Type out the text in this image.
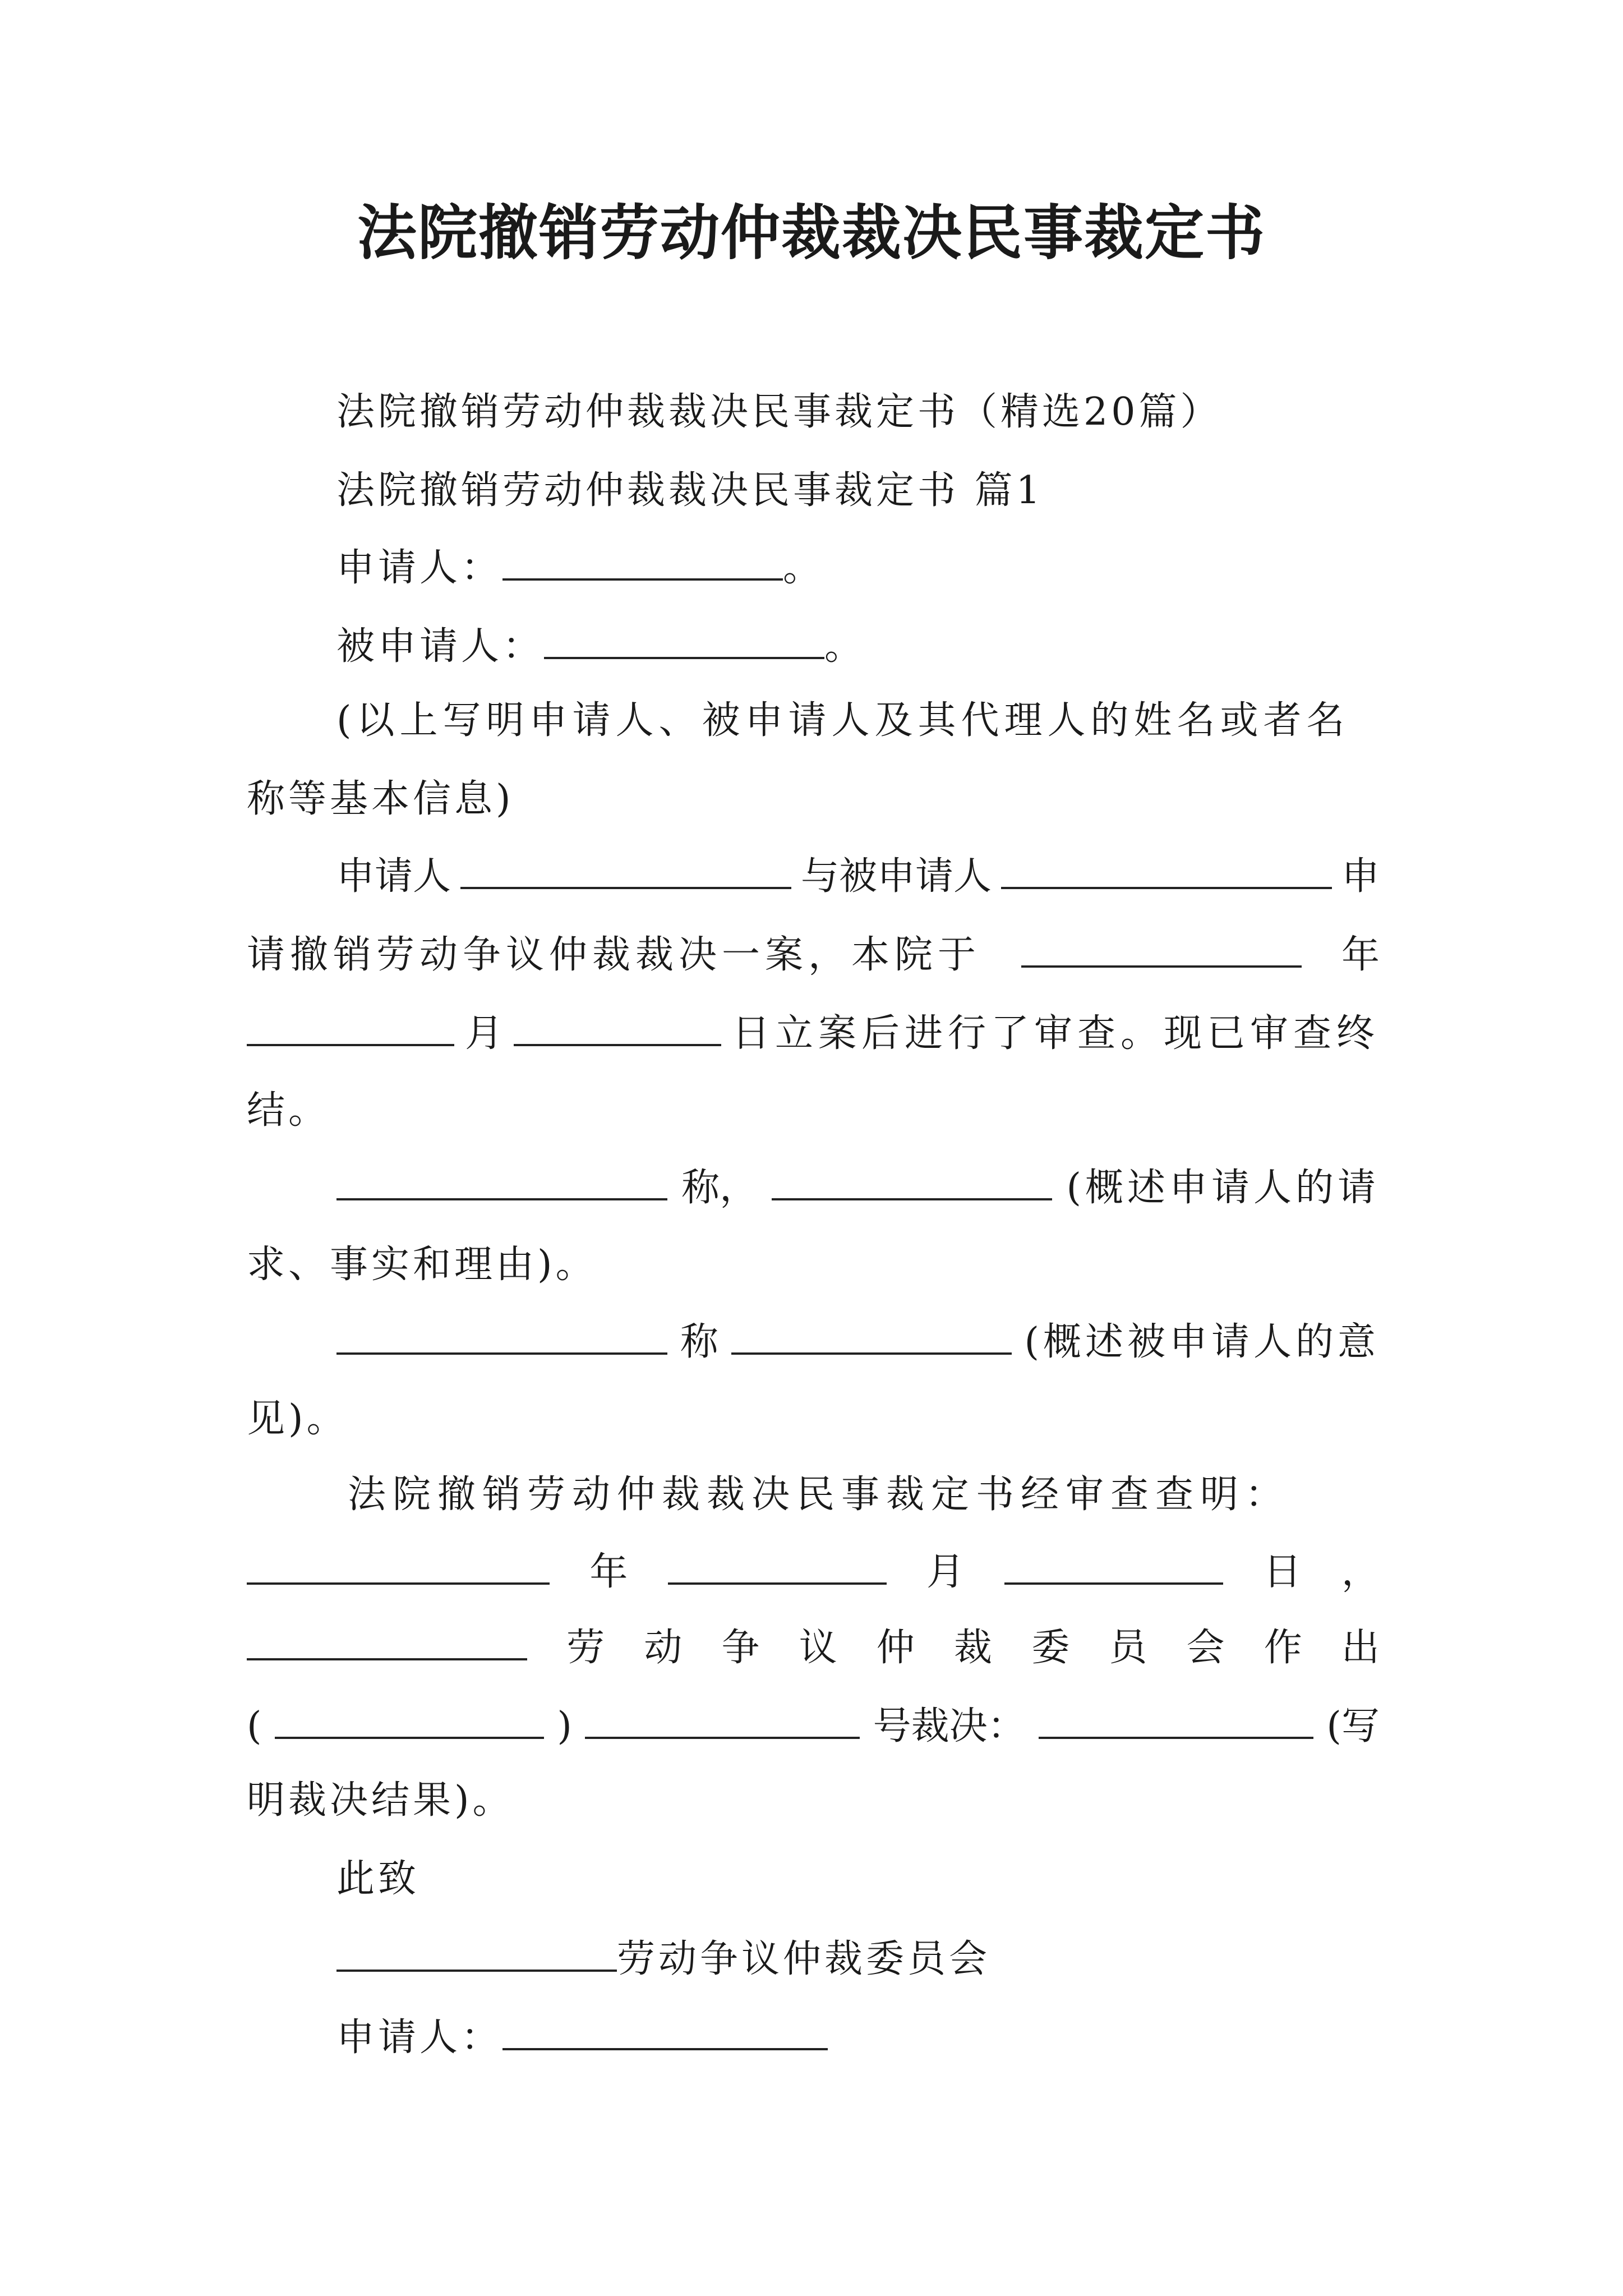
法院撤销劳动仲裁裁决民事裁定书
法院撤销劳动仲裁裁决民事裁定书（精选20篇）
法院撤销劳动仲裁裁决民事裁定书 篇1
申请人：	。
被申请人：	。
(以上写明申请人、被申请人及其代理人的姓名或者名
称等基本信息)
申请人	与被申请人	申
请撤销劳动争议仲裁裁决一案，本院于	年
月	日立案后进行了审查。现已审查终
结。
称，	(概述申请人的请
求、事实和理由)。
称	(概述被申请人的意
见)。
法院撤销劳动仲裁裁决民事裁定书经审查查明：
年	月	日 ，
劳 动 争 议 仲 裁 委 员 会 作 出
(	)	号裁决：	(写
明裁决结果)。
此致
劳动争议仲裁委员会
申请人：
